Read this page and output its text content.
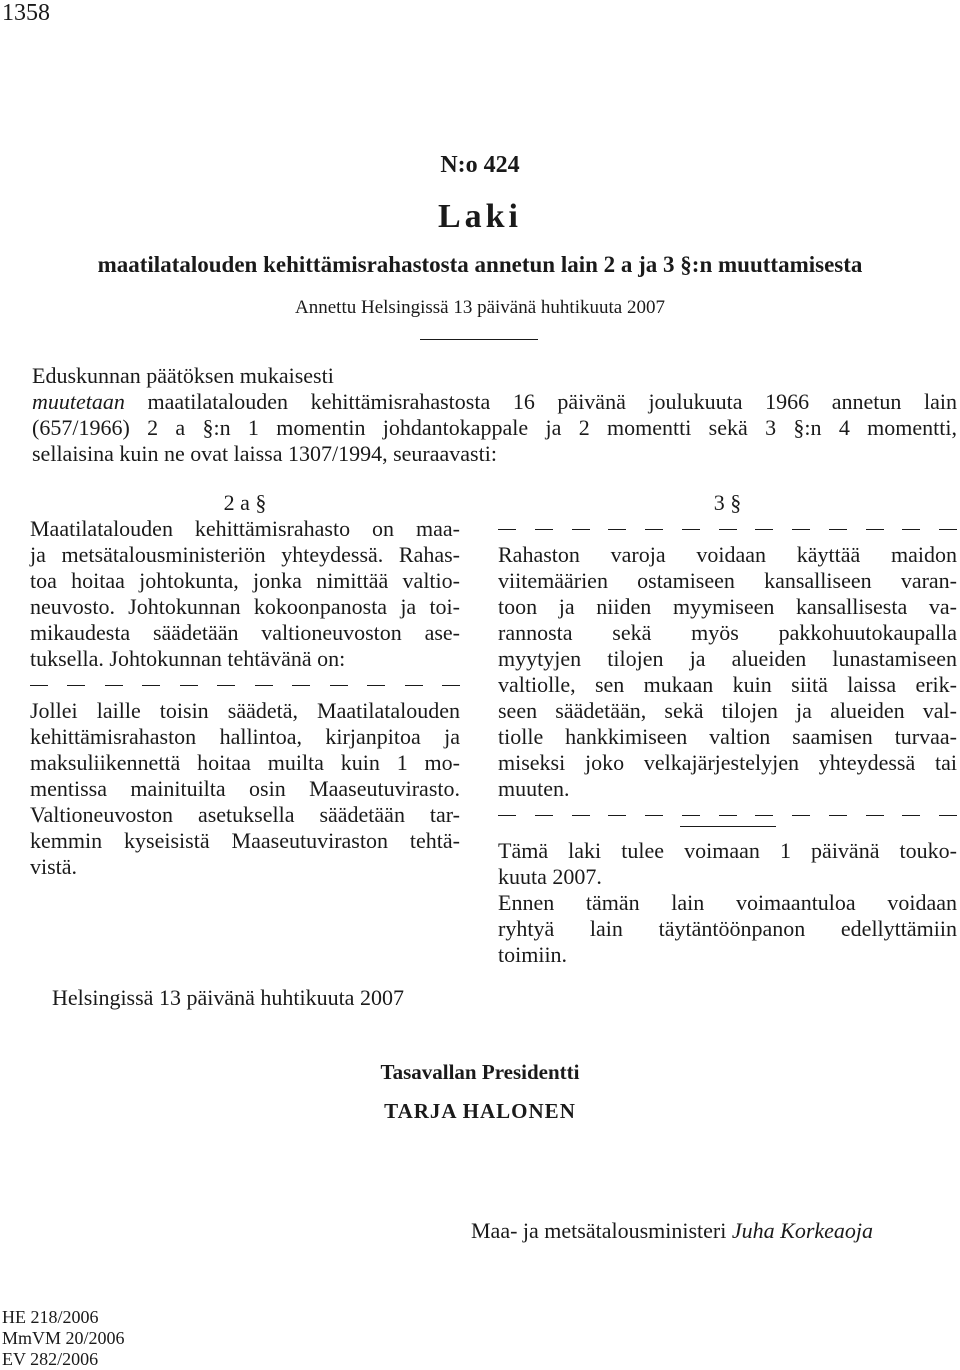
1358
N:o 424
Laki
maatilatalouden kehittämisrahastosta annetun lain 2 a ja 3 §:n muuttamisesta
Annettu Helsingissä 13 päivänä huhtikuuta 2007
Eduskunnan päätöksen mukaisesti
muutetaan maatilatalouden kehittämisrahastosta 16 päivänä joulukuuta 1966 annetun lain
(657/1966) 2 a §:n 1 momentin johdantokappale ja 2 momentti sekä 3 §:n 4 momentti,
sellaisina kuin ne ovat laissa 1307/1994, seuraavasti:
2 a §
Maatilatalouden kehittämisrahasto on maa-
ja metsätalousministeriön yhteydessä. Rahas-
toa hoitaa johtokunta, jonka nimittää valtio-
neuvosto. Johtokunnan kokoonpanosta ja toi-
mikaudesta säädetään valtioneuvoston ase-
tuksella. Johtokunnan tehtävänä on:
Jollei laille toisin säädetä, Maatilatalouden
kehittämisrahaston hallintoa, kirjanpitoa ja
maksuliikennettä hoitaa muilta kuin 1 mo-
mentissa mainituilta osin Maaseutuvirasto.
Valtioneuvoston asetuksella säädetään tar-
kemmin kyseisistä Maaseutuviraston tehtä-
vistä.
3 §
Rahaston varoja voidaan käyttää maidon
viitemäärien ostamiseen kansalliseen varan-
toon ja niiden myymiseen kansallisesta va-
rannosta sekä myös pakkohuutokaupalla
myytyjen tilojen ja alueiden lunastamiseen
valtiolle, sen mukaan kuin siitä laissa erik-
seen säädetään, sekä tilojen ja alueiden val-
tiolle hankkimiseen valtion saamisen turvaa-
miseksi joko velkajärjestelyjen yhteydessä tai
muuten.
Tämä laki tulee voimaan 1 päivänä touko-
kuuta 2007.
Ennen tämän lain voimaantuloa voidaan
ryhtyä lain täytäntöönpanon edellyttämiin
toimiin.
Helsingissä 13 päivänä huhtikuuta 2007
Tasavallan Presidentti
TARJA HALONEN
Maa- ja metsätalousministeri Juha Korkeaoja
HE 218/2006
MmVM 20/2006
EV 282/2006
